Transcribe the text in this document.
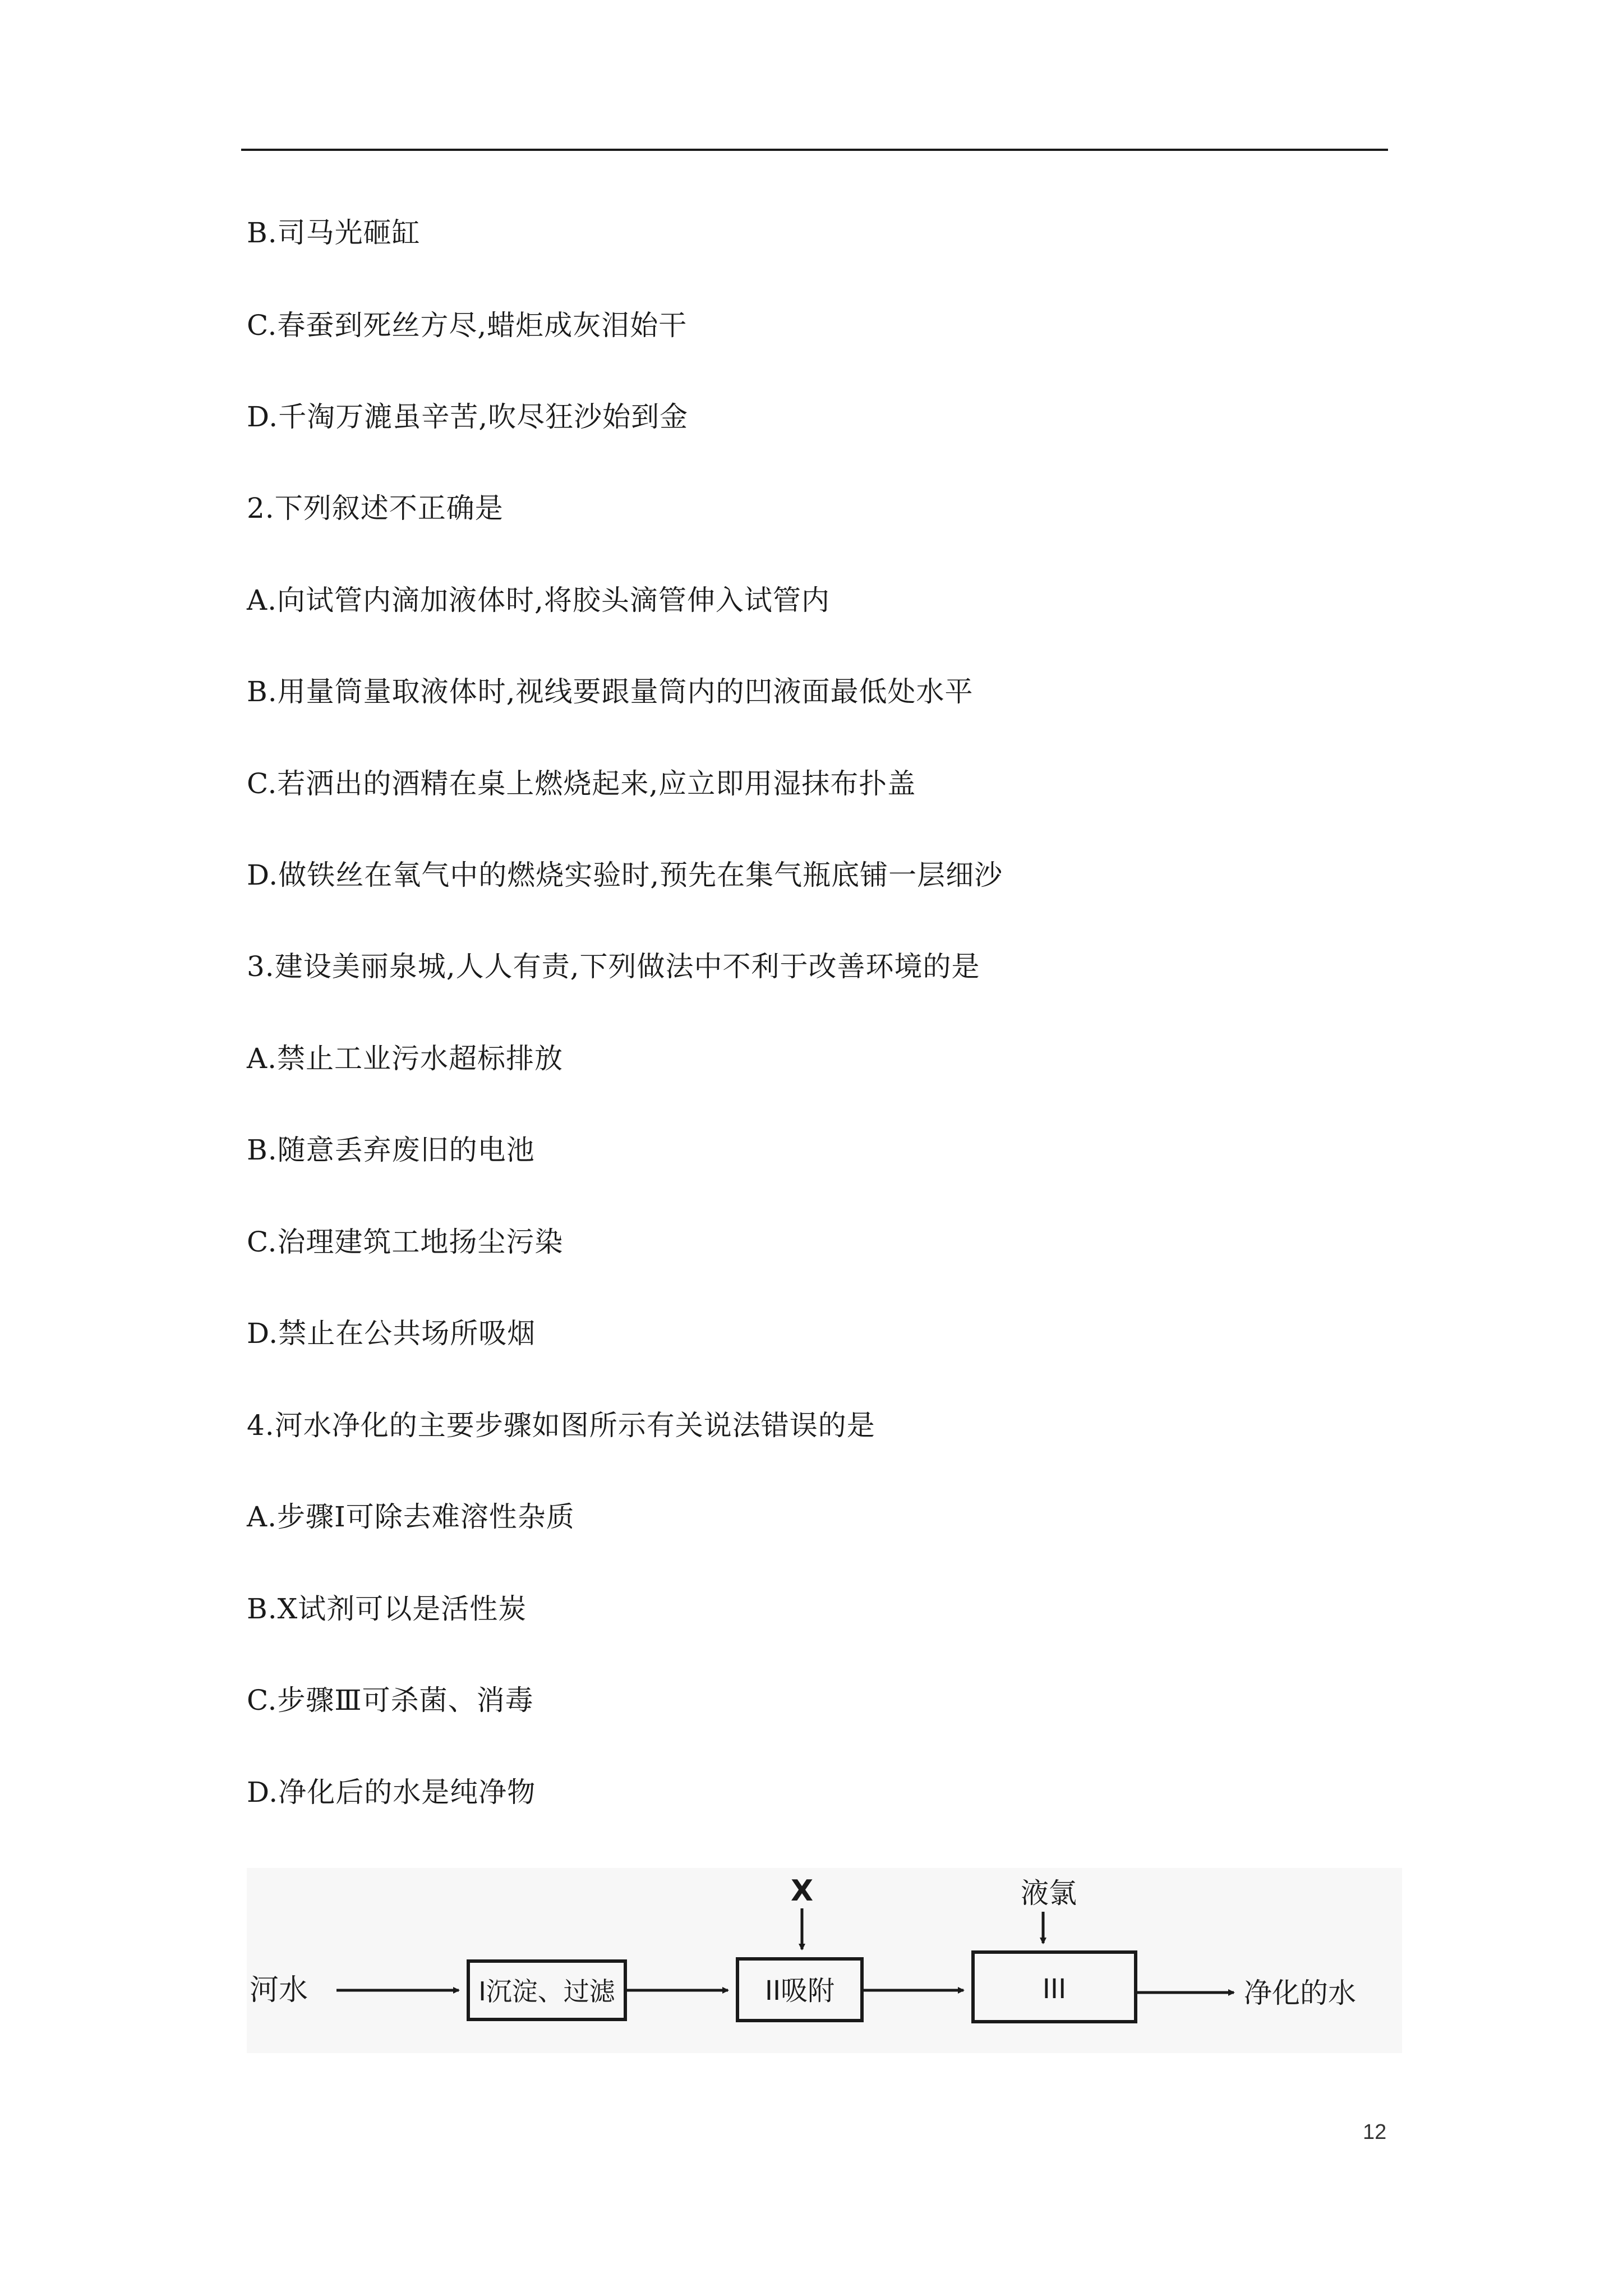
B.司马光砸缸
C.春蚕到死丝方尽,蜡炬成灰泪始干
D.千淘万漉虽辛苦,吹尽狂沙始到金
2.下列叙述不正确是
A.向试管内滴加液体时,将胶头滴管伸入试管内
B.用量筒量取液体时,视线要跟量筒内的凹液面最低处水平
C.若洒出的酒精在桌上燃烧起来,应立即用湿抹布扑盖
D.做铁丝在氧气中的燃烧实验时,预先在集气瓶底铺一层细沙
3.建设美丽泉城,人人有责,下列做法中不利于改善环境的是
A.禁止工业污水超标排放
B.随意丢弃废旧的电池
C.治理建筑工地扬尘污染
D.禁止在公共场所吸烟
4.河水净化的主要步骤如图所示有关说法错误的是
A.步骤Ⅰ可除去难溶性杂质
B.X试剂可以是活性炭
C.步骤Ⅲ可杀菌、消毒
D.净化后的水是纯净物
河水	I沉淀、过滤	II吸附
X
III
液氯
净化的水
12
